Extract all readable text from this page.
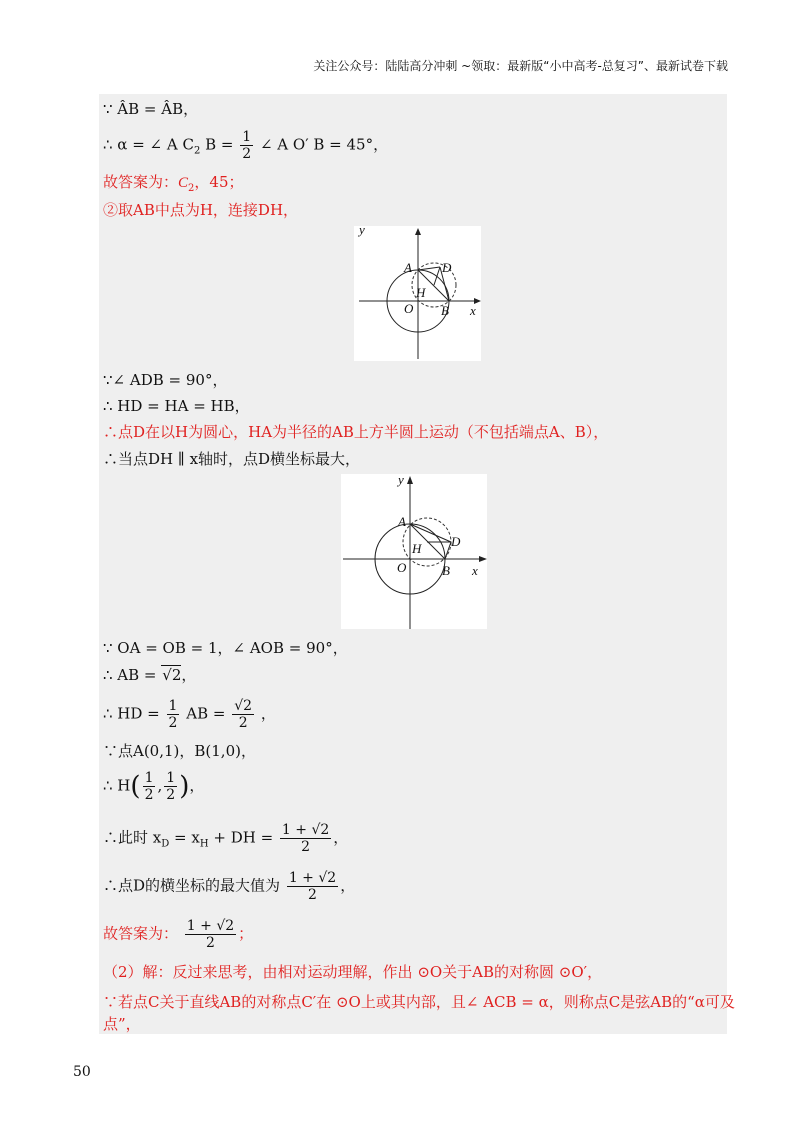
关注公众号：陆陆高分冲刺 ~领取：最新版“小中高考-总复习”、最新试卷下载
∵ ÂB = ÂB，
∴ α = ∠ A $C_2$ $B = \frac{1}{2}$ ∠ A O′ B = 45°，
故答案为：$C_2$，45；
②取AB中点为H，连接DH，
y
x
A D
H
O B
∵∠ ADB = 90°，
∴ HD = HA = HB，
∴点D在以H为圆心，HA为半径的AB上方半圆上运动（不包括端点A、B），
∴当点DH ∥ x轴时，点D横坐标最大，
y
x
A
D
H
O	B
∵ OA = OB = 1，∠ AOB = 90°，
∴ AB = √2，
∴ HD = $\frac{1}{2}$ AB = $\frac{√2}{2}$ ，
∵点A(0,1)，B(1,0)，
∴ $H( \frac{1}{2}$ , $\frac{1}{2}$ )，
∴此时 $x_D = x_H$ + DH = $\frac{1 + √2}{2}$ ，
∴点D的横坐标的最大值为 $\frac{1 + √2}{2}$ ，
故答案为： $\frac{1 + √2}{2}$ ；
（2）解：反过来思考，由相对运动理解，作出 ⊙O关于AB的对称圆 ⊙O′，
∵若点C关于直线AB的对称点C′在 ⊙O上或其内部，且∠ ACB = α，则称点C是弦AB的“α可及
点”，
50
